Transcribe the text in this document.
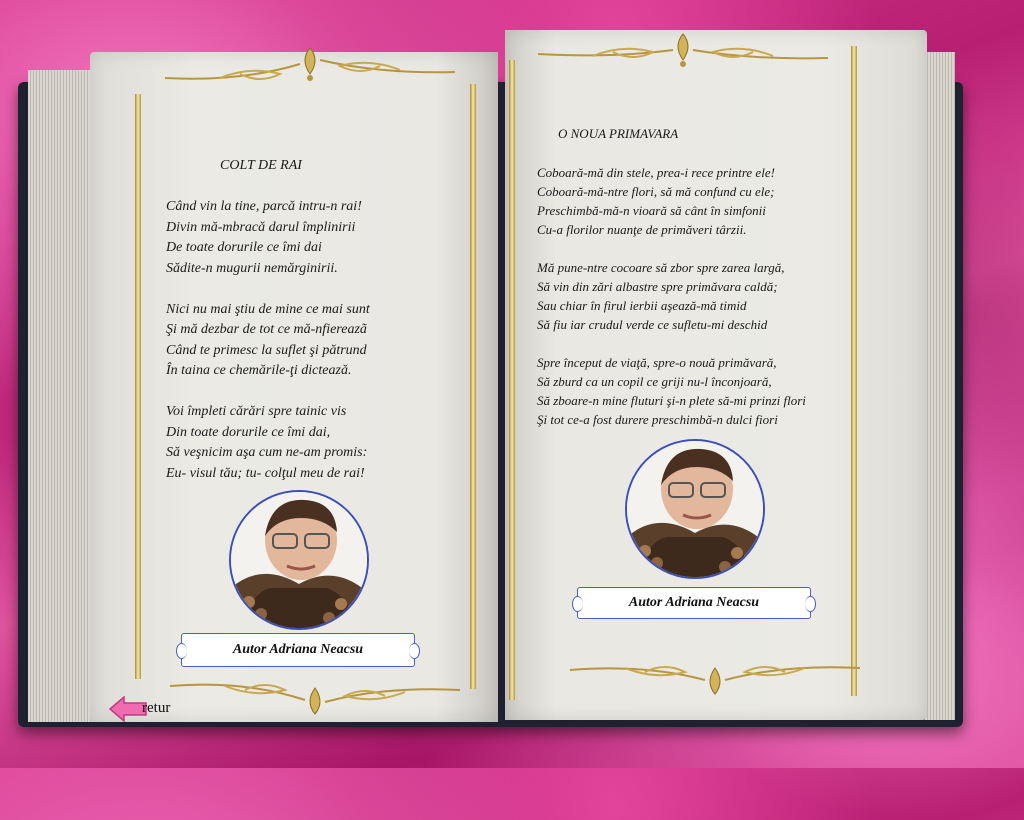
COLT DE RAI
Când vin la tine, parcă intru-n rai!
Divin mă-mbracă darul împlinirii
De toate dorurile ce îmi dai
Sădite-n mugurii nemărginirii.

Nici nu mai ştiu de mine ce mai sunt
Şi mă dezbar de tot ce mă-nfiereazã
Când te primesc la suflet şi pătrund
În taina ce chemările-ţi dictează.

Voi împleti cărări spre tainic vis
Din toate dorurile ce îmi dai,
Să veşnicim aşa cum ne-am promis:
Eu- visul tău; tu- colţul meu de rai!
Autor Adriana Neacsu
O NOUA PRIMAVARA
Coboară-mă din stele, prea-i rece printre ele!
Coboară-mă-ntre flori, să mă confund cu ele;
Preschimbă-mă-n vioară să cânt în simfonii
Cu-a florilor nuanţe de primăveri târzii.

Mă pune-ntre cocoare să zbor spre zarea largă,
Să vin din zări albastre spre primăvara caldă;
Sau chiar în firul ierbii aşează-mă timid
Să fiu iar crudul verde ce sufletu-mi deschid

Spre început de viaţă, spre-o nouă primăvară,
Să zburd ca un copil ce griji nu-l înconjoară,
Să zboare-n mine fluturi şi-n plete să-mi prinzi flori
Şi tot ce-a fost durere preschimbă-n dulci fiori
Autor Adriana Neacsu
retur
